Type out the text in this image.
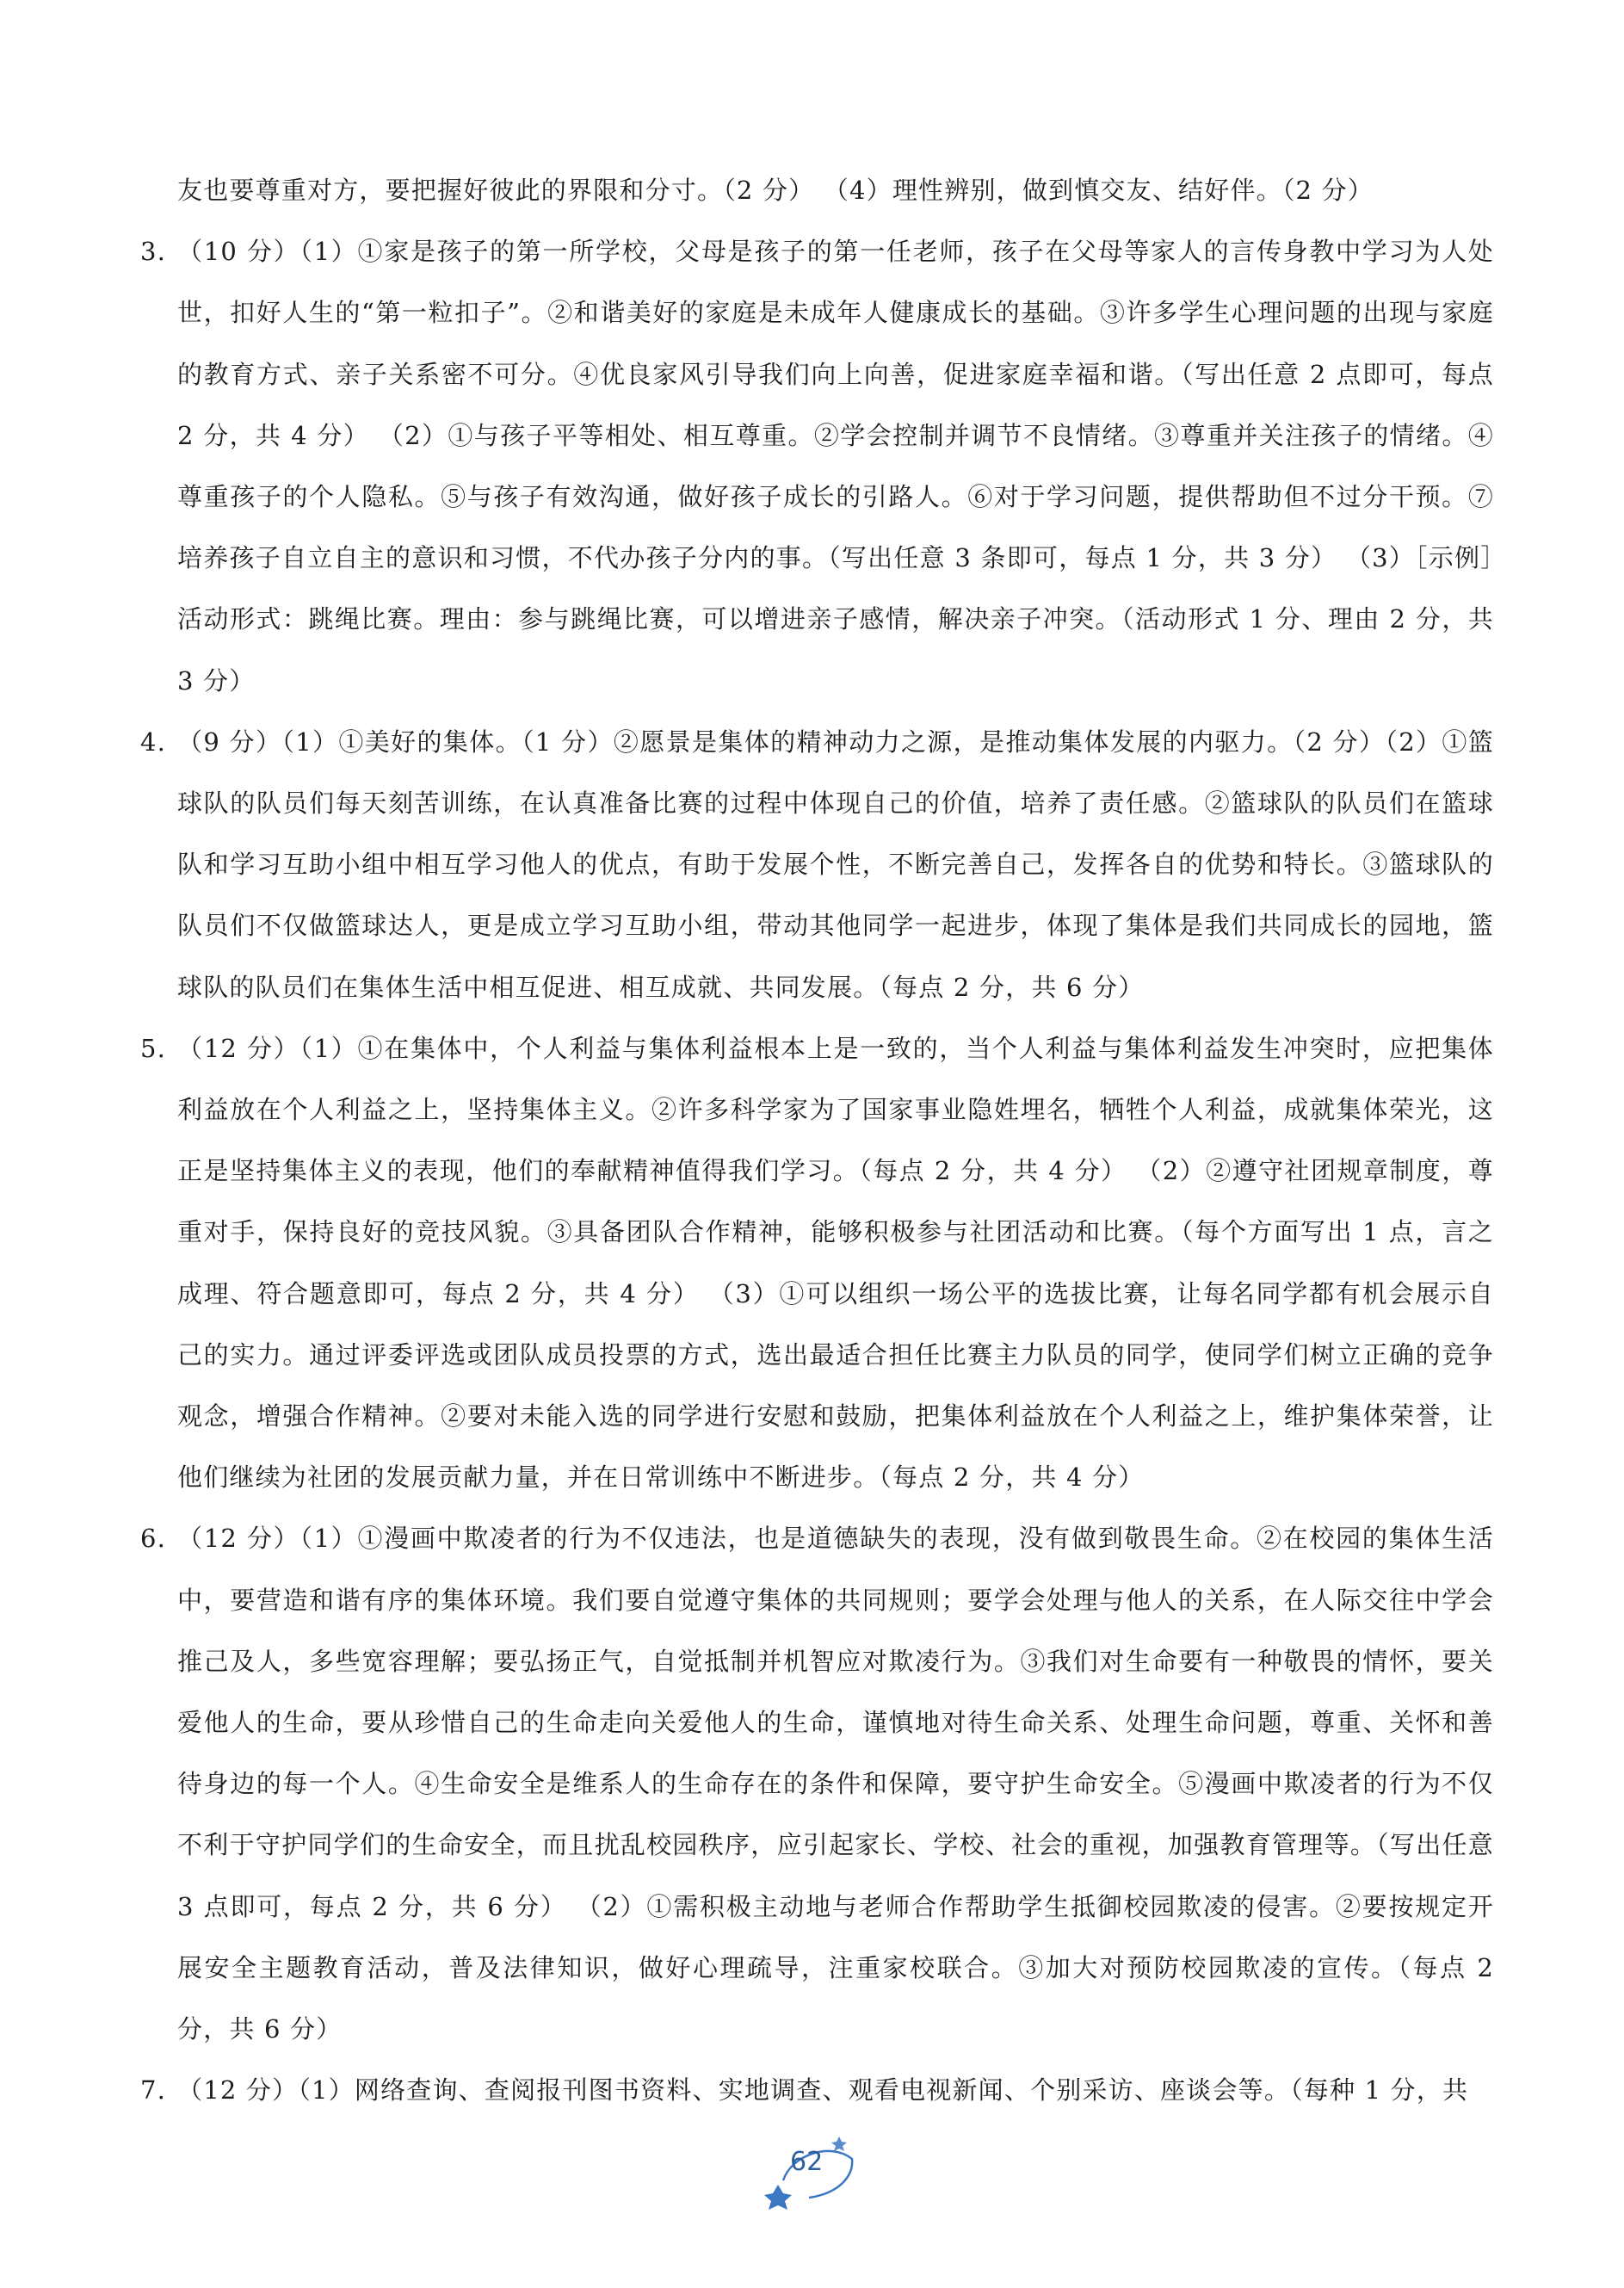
友也要尊重对方，要把握好彼此的界限和分寸。（2 分） （4）理性辨别，做到慎交友、结好伴。（2 分）

3. （10 分）（1）①家是孩子的第一所学校，父母是孩子的第一任老师，孩子在父母等家人的言传身教中学习为人处世，扣好人生的“第一粒扣子”。②和谐美好的家庭是未成年人健康成长的基础。③许多学生心理问题的出现与家庭的教育方式、亲子关系密不可分。④优良家风引导我们向上向善，促进家庭幸福和谐。（写出任意 2 点即可，每点 2 分，共 4 分） （2）①与孩子平等相处、相互尊重。②学会控制并调节不良情绪。③尊重并关注孩子的情绪。④尊重孩子的个人隐私。⑤与孩子有效沟通，做好孩子成长的引路人。⑥对于学习问题，提供帮助但不过分干预。⑦培养孩子自立自主的意识和习惯，不代办孩子分内的事。（写出任意 3 条即可，每点 1 分，共 3 分） （3）［示例］活动形式：跳绳比赛。理由：参与跳绳比赛，可以增进亲子感情，解决亲子冲突。（活动形式 1 分、理由 2 分，共 3 分）
4. （9 分）（1）①美好的集体。（1 分）②愿景是集体的精神动力之源，是推动集体发展的内驱力。（2 分）（2）①篮球队的队员们每天刻苦训练，在认真准备比赛的过程中体现自己的价值，培养了责任感。②篮球队的队员们在篮球队和学习互助小组中相互学习他人的优点，有助于发展个性，不断完善自己，发挥各自的优势和特长。③篮球队的队员们不仅做篮球达人，更是成立学习互助小组，带动其他同学一起进步，体现了集体是我们共同成长的园地，篮球队的队员们在集体生活中相互促进、相互成就、共同发展。（每点 2 分，共 6 分）
5. （12 分）（1）①在集体中，个人利益与集体利益根本上是一致的，当个人利益与集体利益发生冲突时，应把集体利益放在个人利益之上，坚持集体主义。②许多科学家为了国家事业隐姓埋名，牺牲个人利益，成就集体荣光，这正是坚持集体主义的表现，他们的奉献精神值得我们学习。（每点 2 分，共 4 分） （2）②遵守社团规章制度，尊重对手，保持良好的竞技风貌。③具备团队合作精神，能够积极参与社团活动和比赛。（每个方面写出 1 点，言之成理、符合题意即可，每点 2 分，共 4 分） （3）①可以组织一场公平的选拔比赛，让每名同学都有机会展示自己的实力。通过评委评选或团队成员投票的方式，选出最适合担任比赛主力队员的同学，使同学们树立正确的竞争观念，增强合作精神。②要对未能入选的同学进行安慰和鼓励，把集体利益放在个人利益之上，维护集体荣誉，让他们继续为社团的发展贡献力量，并在日常训练中不断进步。（每点 2 分，共 4 分）
6. （12 分）（1）①漫画中欺凌者的行为不仅违法，也是道德缺失的表现，没有做到敬畏生命。②在校园的集体生活中，要营造和谐有序的集体环境。我们要自觉遵守集体的共同规则；要学会处理与他人的关系，在人际交往中学会推己及人，多些宽容理解；要弘扬正气，自觉抵制并机智应对欺凌行为。③我们对生命要有一种敬畏的情怀，要关爱他人的生命，要从珍惜自己的生命走向关爱他人的生命，谨慎地对待生命关系、处理生命问题，尊重、关怀和善待身边的每一个人。④生命安全是维系人的生命存在的条件和保障，要守护生命安全。⑤漫画中欺凌者的行为不仅不利于守护同学们的生命安全，而且扰乱校园秩序，应引起家长、学校、社会的重视，加强教育管理等。（写出任意 3 点即可，每点 2 分，共 6 分） （2）①需积极主动地与老师合作帮助学生抵御校园欺凌的侵害。②要按规定开展安全主题教育活动，普及法律知识，做好心理疏导，注重家校联合。③加大对预防校园欺凌的宣传。（每点 2 分，共 6 分）
7. （12 分）（1）网络查询、查阅报刊图书资料、实地调查、观看电视新闻、个别采访、座谈会等。（每种 1 分，共
62
